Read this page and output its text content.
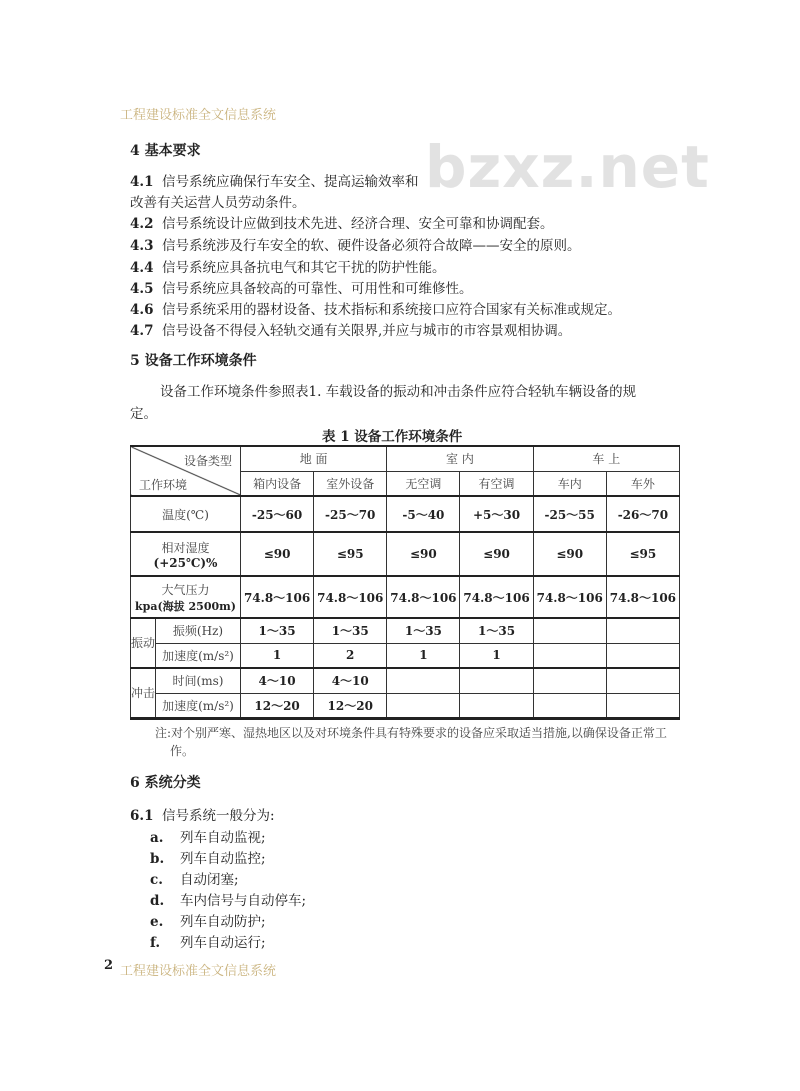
工程建设标准全文信息系统
bzxz.net
4 基本要求
4.1 信号系统应确保行车安全、提高运输效率和
改善有关运营人员劳动条件。
4.2 信号系统设计应做到技术先进、经济合理、安全可靠和协调配套。
4.3 信号系统涉及行车安全的软、硬件设备必须符合故障——安全的原则。
4.4 信号系统应具备抗电气和其它干扰的防护性能。
4.5 信号系统应具备较高的可靠性、可用性和可维修性。
4.6 信号系统采用的器材设备、技术指标和系统接口应符合国家有关标准或规定。
4.7 信号设备不得侵入轻轨交通有关限界,并应与城市的市容景观相协调。
5 设备工作环境条件
设备工作环境条件参照表1. 车载设备的振动和冲击条件应符合轻轨车辆设备的规
定。
表 1 设备工作环境条件
设备类型
工作环境		地 面		室 内		车 上	
		箱内设备	室外设备	无空调	有空调	车内	车外
温度(℃)		-25～60	-25～70	-5～40	+5～30	-25～55	-26～70

相对湿度
(+25℃)%		≤90	≤95	≤90	≤90	≤90	≤95

大气压力
kpa(海拔 2500m)		74.8～106	74.8～106	74.8～106	74.8～106	74.8～106	74.8～106
振动	振频(Hz)	1～35	1～35	1～35	1～35		
	加速度(m/s²)	1	2	1	1		
冲击	时间(ms)	4～10	4～10				
	加速度(m/s²)	12～20	12～20				
注:对个别严寒、湿热地区以及对环境条件具有特殊要求的设备应采取适当措施,以确保设备正常工
作。
6 系统分类
6.1 信号系统一般分为:
a. 列车自动监视;
b. 列车自动监控;
c. 自动闭塞;
d. 车内信号与自动停车;
e. 列车自动防护;
f. 列车自动运行;
2 工程建设标准全文信息系统
